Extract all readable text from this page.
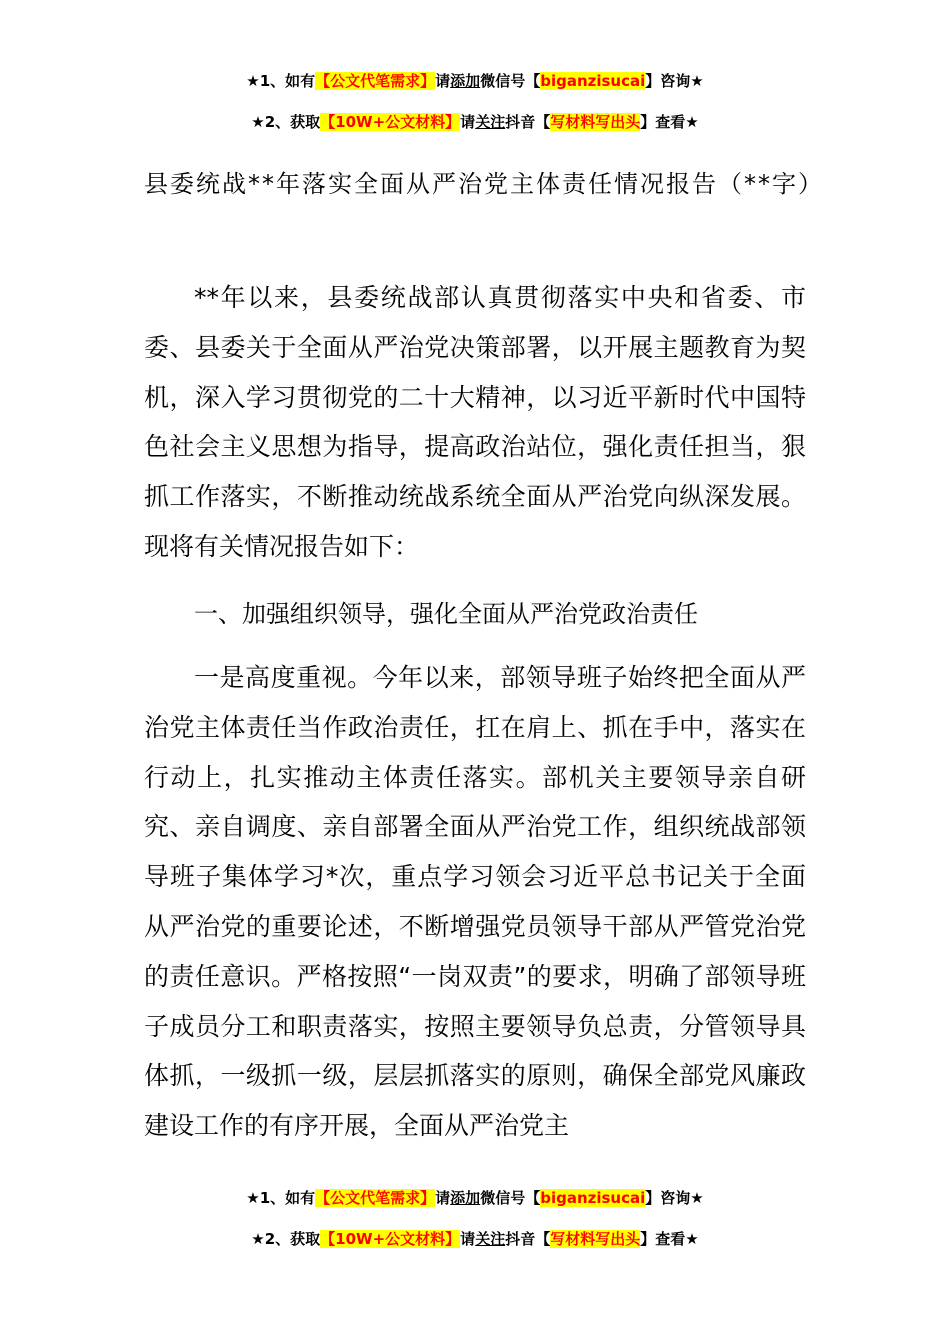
★1、如有【公文代笔需求】请添加微信号【biganzisucai】咨询★
★2、获取【10W+公文材料】请关注抖音【写材料写出头】查看★
县委统战**年落实全面从严治党主体责任情况报告（**字）

**年以来，县委统战部认真贯彻落实中央和省委、市委、县委关于全面从严治党决策部署，以开展主题教育为契机，深入学习贯彻党的二十大精神，以习近平新时代中国特色社会主义思想为指导，提高政治站位，强化责任担当，狠抓工作落实，不断推动统战系统全面从严治党向纵深发展。现将有关情况报告如下：

一、加强组织领导，强化全面从严治党政治责任

一是高度重视。今年以来，部领导班子始终把全面从严治党主体责任当作政治责任，扛在肩上、抓在手中，落实在行动上，扎实推动主体责任落实。部机关主要领导亲自研究、亲自调度、亲自部署全面从严治党工作，组织统战部领导班子集体学习*次，重点学习领会习近平总书记关于全面从严治党的重要论述，不断增强党员领导干部从严管党治党的责任意识。严格按照“一岗双责”的要求，明确了部领导班子成员分工和职责落实，按照主要领导负总责，分管领导具体抓，一级抓一级，层层抓落实的原则，确保全部党风廉政建设工作的有序开展，全面从严治党主

★1、如有【公文代笔需求】请添加微信号【biganzisucai】咨询★
★2、获取【10W+公文材料】请关注抖音【写材料写出头】查看★
